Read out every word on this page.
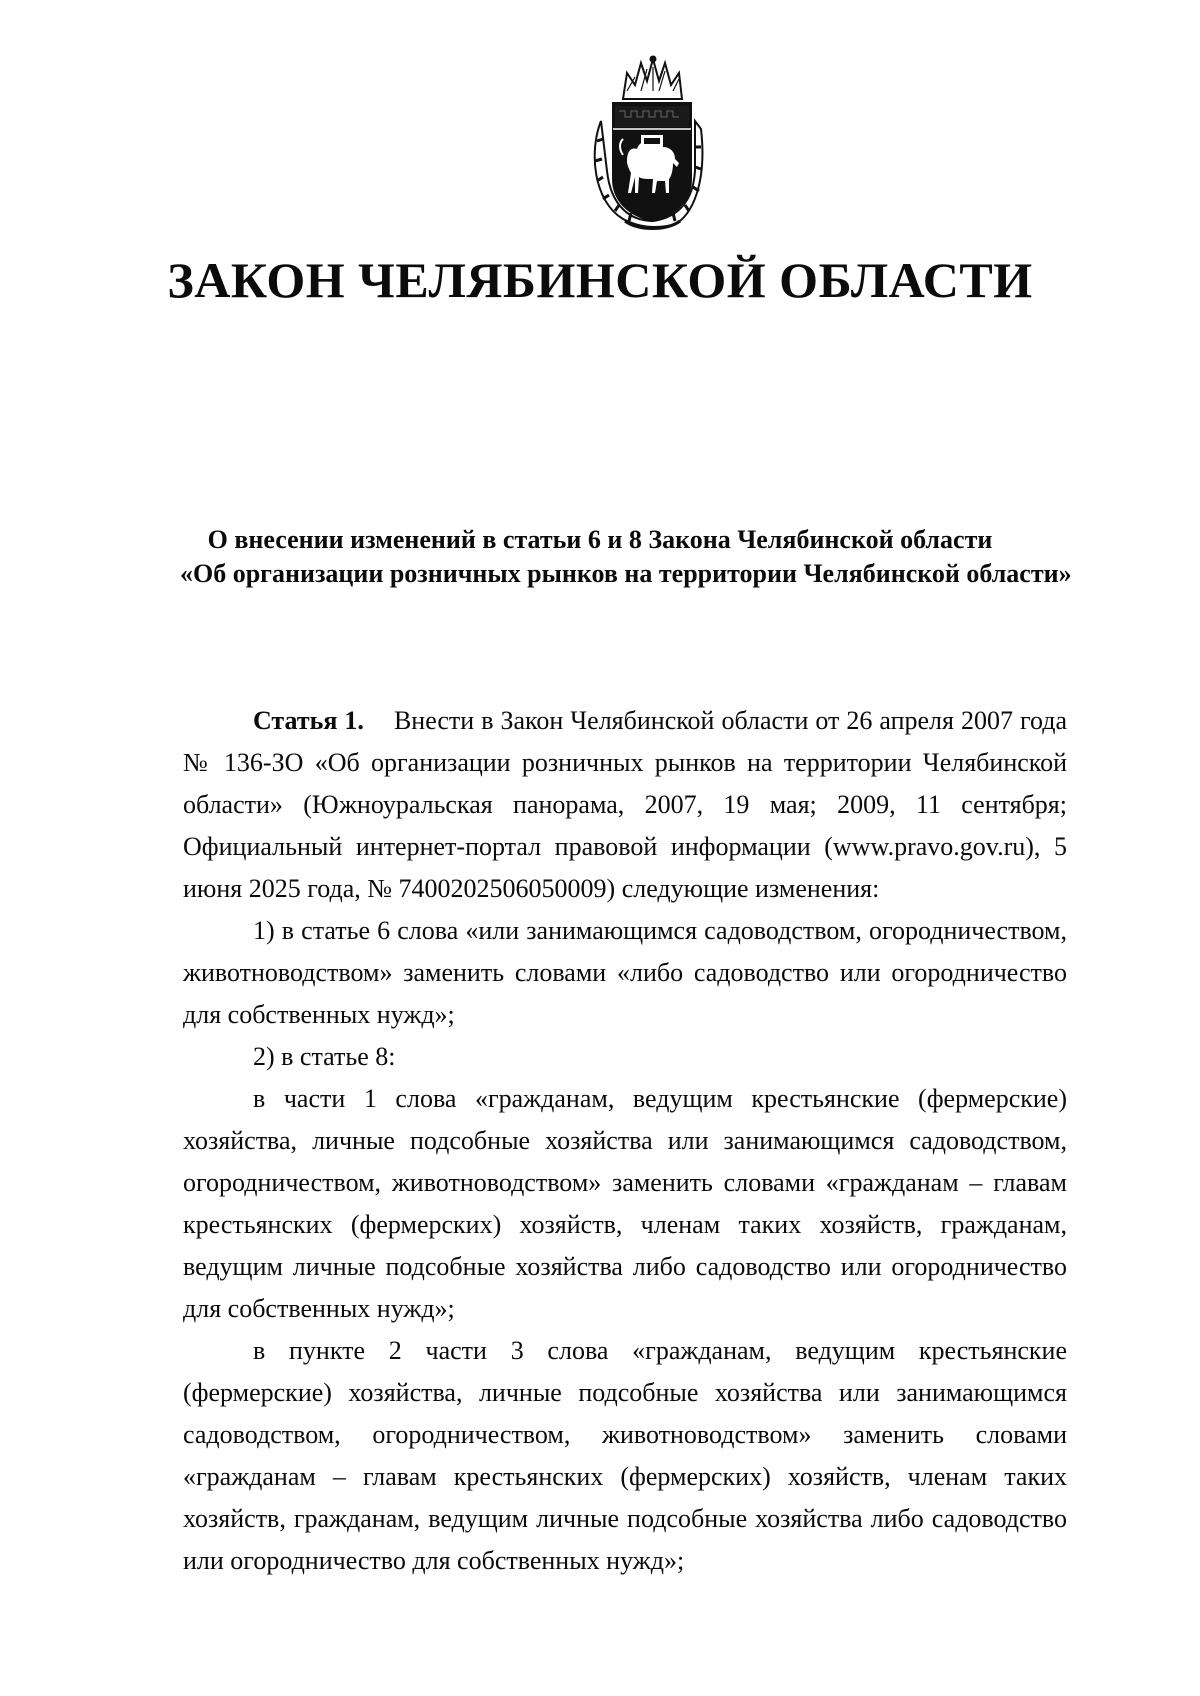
ЗАКОН ЧЕЛЯБИНСКОЙ ОБЛАСТИ
О внесении изменений в статьи 6 и 8 Закона Челябинской области
«Об организации розничных рынков на территории Челябинской области»

Статья 1. Внести в Закон Челябинской области от 26 апреля 2007 года № 136-ЗО «Об организации розничных рынков на территории Челябинской области» (Южноуральская панорама, 2007, 19 мая; 2009, 11 сентября; Официальный интернет-портал правовой информации (www.pravo.gov.ru), 5 июня 2025 года, № 7400202506050009) следующие изменения:

1) в статье 6 слова «или занимающимся садоводством, огородничеством, животноводством» заменить словами «либо садоводство или огородничество для собственных нужд»;

2) в статье 8:

в части 1 слова «гражданам, ведущим крестьянские (фермерские) хозяйства, личные подсобные хозяйства или занимающимся садоводством, огородничеством, животноводством» заменить словами «гражданам – главам крестьянских (фермерских) хозяйств, членам таких хозяйств, гражданам, ведущим личные подсобные хозяйства либо садоводство или огородничество для собственных нужд»;

в пункте 2 части 3 слова «гражданам, ведущим крестьянские (фермерские) хозяйства, личные подсобные хозяйства или занимающимся садоводством, огородничеством, животноводством» заменить словами «гражданам – главам крестьянских (фермерских) хозяйств, членам таких хозяйств, гражданам, ведущим личные подсобные хозяйства либо садоводство или огородничество для собственных нужд»;
